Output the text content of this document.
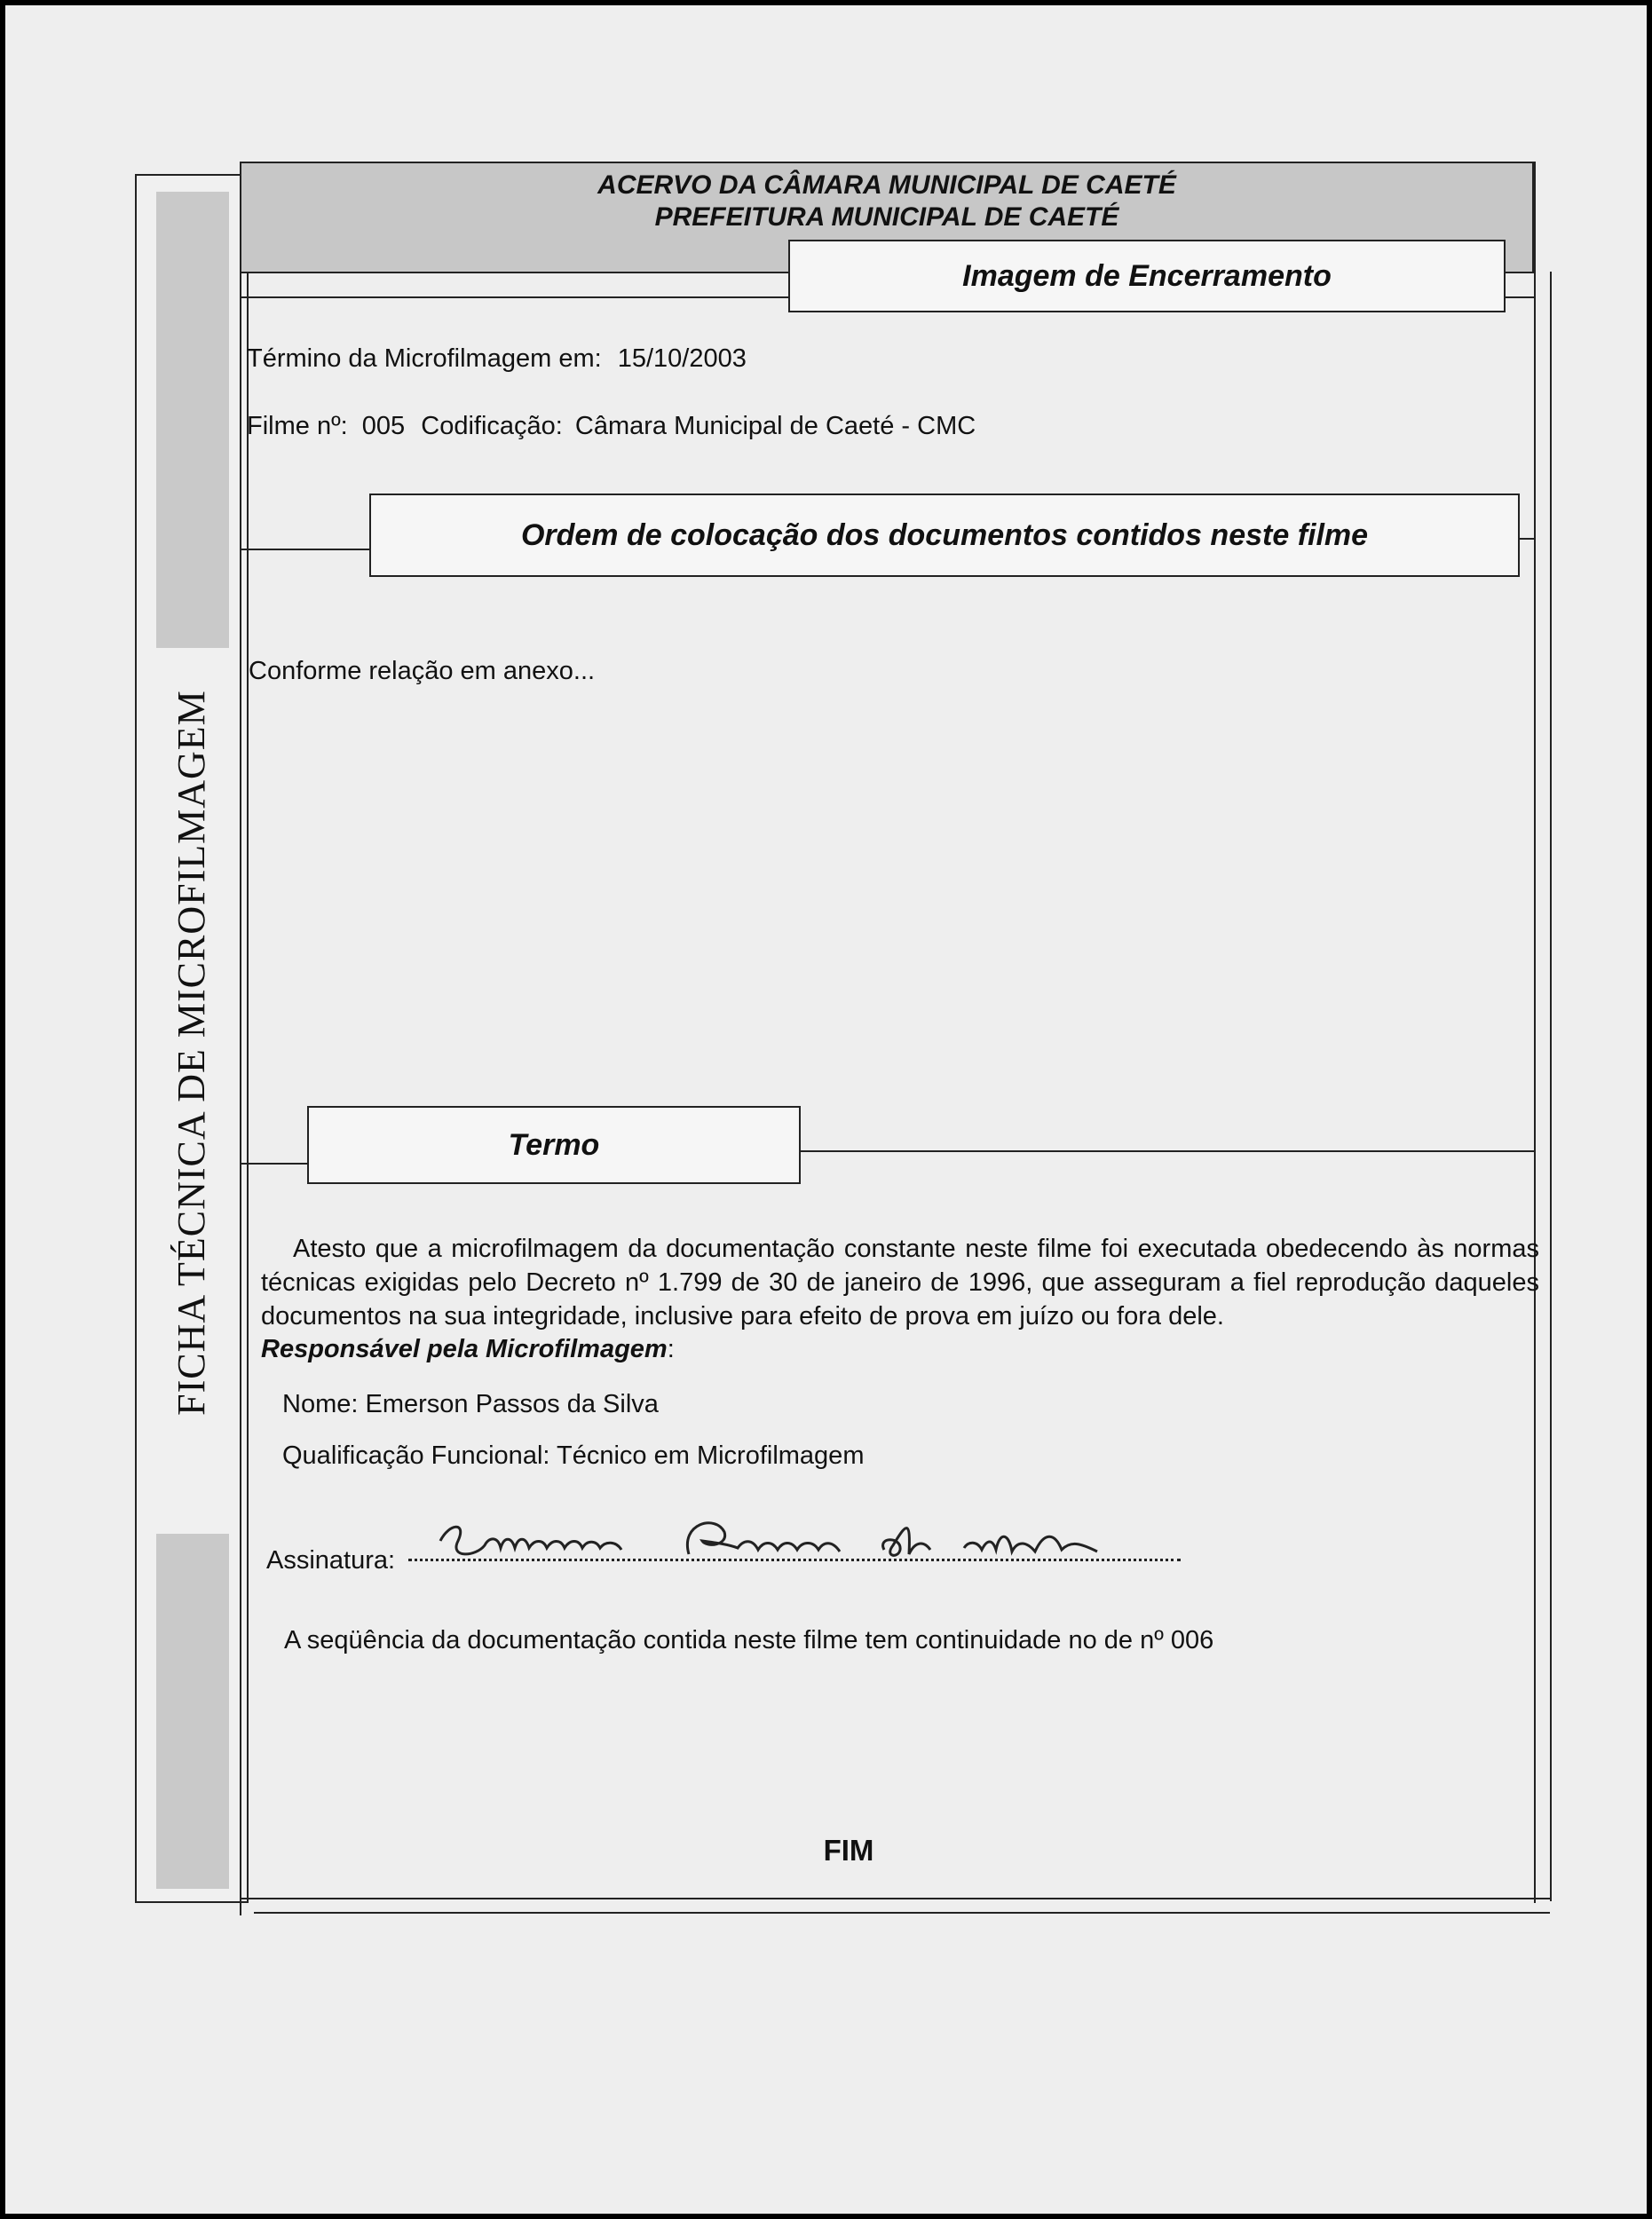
FICHA TÉCNICA DE MICROFILMAGEM
ACERVO DA CÂMARA MUNICIPAL DE CAETÉ
PREFEITURA MUNICIPAL DE CAETÉ
Imagem de Encerramento
Término da Microfilmagem em: 15/10/2003
Filme nº: 005 Codificação: Câmara Municipal de Caeté - CMC
Ordem de colocação dos documentos contidos neste filme
Conforme relação em anexo...
Termo
Atesto que a microfilmagem da documentação constante neste filme foi executada obedecendo às normas técnicas exigidas pelo Decreto nº 1.799 de 30 de janeiro de 1996, que asseguram a fiel reprodução daqueles documentos na sua integridade, inclusive para efeito de prova em juízo ou fora dele.
Responsável pela Microfilmagem:
Nome: Emerson Passos da Silva
Qualificação Funcional: Técnico em Microfilmagem
Assinatura:
A seqüência da documentação contida neste filme tem continuidade no de nº 006
FIM
